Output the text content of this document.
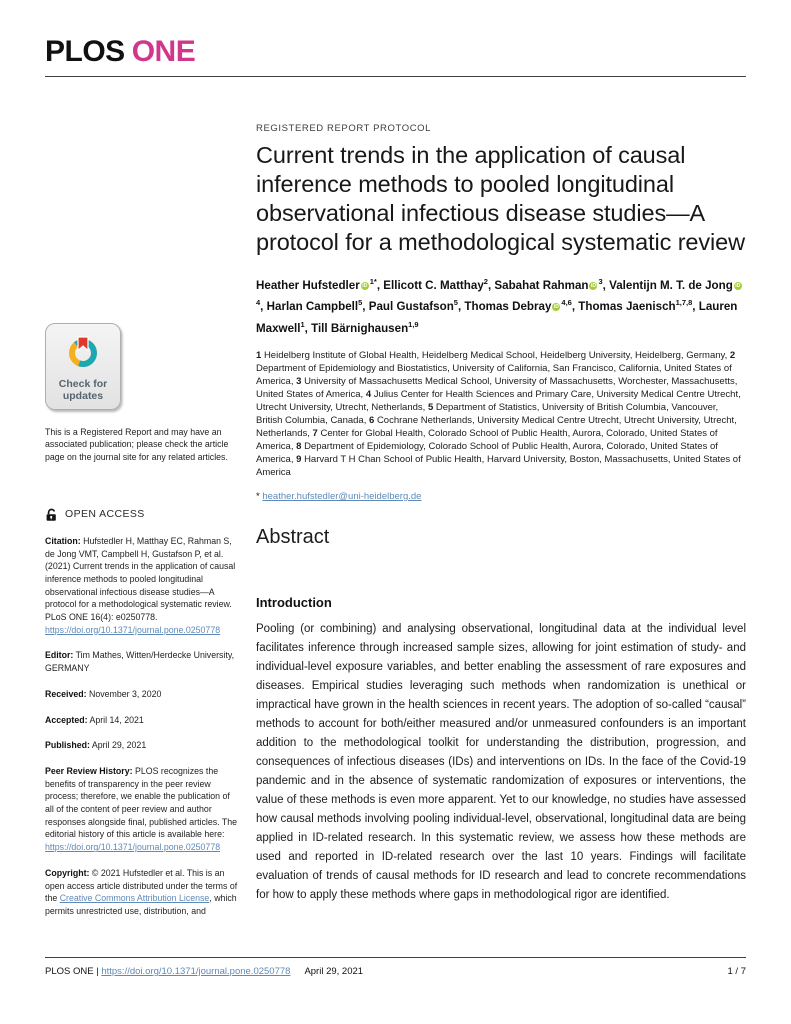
PLOS ONE
Check for updates

This is a Registered Report and may have an associated publication; please check the article page on the journal site for any related articles.

OPEN ACCESS

Citation: Hufstedler H, Matthay EC, Rahman S, de Jong VMT, Campbell H, Gustafson P, et al. (2021) Current trends in the application of causal inference methods to pooled longitudinal observational infectious disease studies—A protocol for a methodological systematic review. PLoS ONE 16(4): e0250778. https://doi.org/10.1371/journal.pone.0250778

Editor: Tim Mathes, Witten/Herdecke University, GERMANY

Received: November 3, 2020

Accepted: April 14, 2021

Published: April 29, 2021

Peer Review History: PLOS recognizes the benefits of transparency in the peer review process; therefore, we enable the publication of all of the content of peer review and author responses alongside final, published articles. The editorial history of this article is available here: https://doi.org/10.1371/journal.pone.0250778

Copyright: © 2021 Hufstedler et al. This is an open access article distributed under the terms of the Creative Commons Attribution License, which permits unrestricted use, distribution, and

REGISTERED REPORT PROTOCOL
Current trends in the application of causal inference methods to pooled longitudinal observational infectious disease studies—A protocol for a methodological systematic review

Heather Hufstedler iD $^{1*}$, Ellicott C. Matthay$^2$, Sabahat Rahman iD $^3$, Valentijn M. T. de Jong $iD^4$, Harlan Campbell$^5$, Paul Gustafson$^5$, Thomas Debray iD $^{4,6}$, Thomas Jaenisch$^{1,7,8}$, Lauren Maxwell$^1$, Till Bärnighausen$^{1,9}$

1 Heidelberg Institute of Global Health, Heidelberg Medical School, Heidelberg University, Heidelberg, Germany, 2 Department of Epidemiology and Biostatistics, University of California, San Francisco, California, United States of America, 3 University of Massachusetts Medical School, University of Massachusetts, Worchester, Massachusetts, United States of America, 4 Julius Center for Health Sciences and Primary Care, University Medical Centre Utrecht, Utrecht University, Utrecht, Netherlands, 5 Department of Statistics, University of British Columbia, Vancouver, British Columbia, Canada, 6 Cochrane Netherlands, University Medical Centre Utrecht, Utrecht University, Utrecht, Netherlands, 7 Center for Global Health, Colorado School of Public Health, Aurora, Colorado, United States of America, 8 Department of Epidemiology, Colorado School of Public Health, Aurora, Colorado, United States of America, 9 Harvard T H Chan School of Public Health, Harvard University, Boston, Massachusetts, United States of America

* heather.hufstedler@uni-heidelberg.de

Abstract
Introduction

Pooling (or combining) and analysing observational, longitudinal data at the individual level facilitates inference through increased sample sizes, allowing for joint estimation of study- and individual-level exposure variables, and better enabling the assessment of rare exposures and diseases. Empirical studies leveraging such methods when randomization is unethical or impractical have grown in the health sciences in recent years. The adoption of so-called “causal” methods to account for both/either measured and/or unmeasured confounders is an important addition to the methodological toolkit for understanding the distribution, progression, and consequences of infectious diseases (IDs) and interventions on IDs. In the face of the Covid-19 pandemic and in the absence of systematic randomization of exposures or interventions, the value of these methods is even more apparent. Yet to our knowledge, no studies have assessed how causal methods involving pooling individual-level, observational, longitudinal data are being applied in ID-related research. In this systematic review, we assess how these methods are used and reported in ID-related research over the last 10 years. Findings will facilitate evaluation of trends of causal methods for ID research and lead to concrete recommendations for how to apply these methods where gaps in methodological rigor are identified.

PLOS ONE | https://doi.org/10.1371/journal.pone.0250778 April 29, 2021	1 / 7
